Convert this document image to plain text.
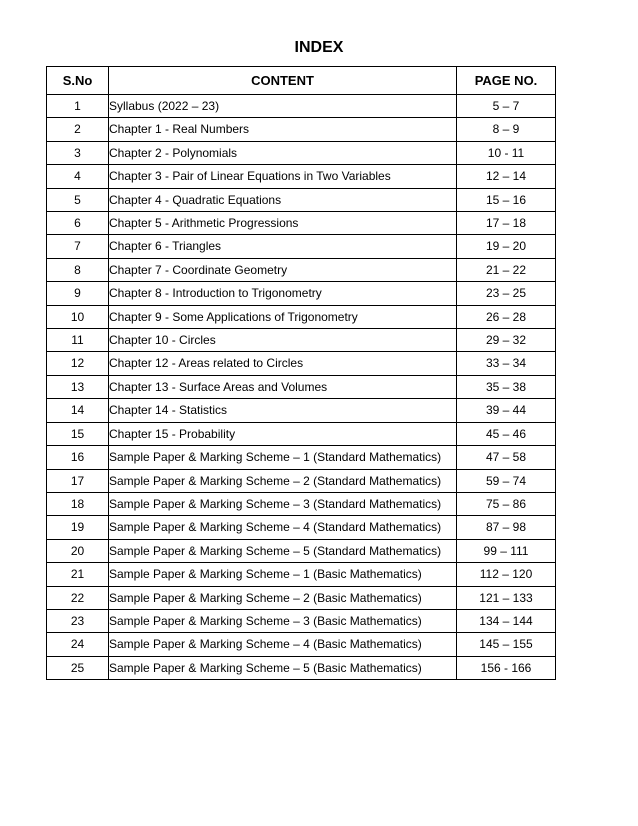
INDEX
S.No	CONTENT	PAGE NO.
1	Syllabus (2022 – 23)	5 – 7
2	Chapter 1 - Real Numbers	8 – 9
3	Chapter 2 - Polynomials	10 - 11
4	Chapter 3 - Pair of Linear Equations in Two Variables	12 – 14
5	Chapter 4 - Quadratic Equations	15 – 16
6	Chapter 5 - Arithmetic Progressions	17 – 18
7	Chapter 6 - Triangles	19 – 20
8	Chapter 7 - Coordinate Geometry	21 – 22
9	Chapter 8 - Introduction to Trigonometry	23 – 25
10	Chapter 9 - Some Applications of Trigonometry	26 – 28
11	Chapter 10 - Circles	29 – 32
12	Chapter 12 - Areas related to Circles	33 – 34
13	Chapter 13 - Surface Areas and Volumes	35 – 38
14	Chapter 14 - Statistics	39 – 44
15	Chapter 15 - Probability	45 – 46
16	Sample Paper & Marking Scheme – 1 (Standard Mathematics)	47 – 58
17	Sample Paper & Marking Scheme – 2 (Standard Mathematics)	59 – 74
18	Sample Paper & Marking Scheme – 3 (Standard Mathematics)	75 – 86
19	Sample Paper & Marking Scheme – 4 (Standard Mathematics)	87 – 98
20	Sample Paper & Marking Scheme – 5 (Standard Mathematics)	99 – 111
21	Sample Paper & Marking Scheme – 1 (Basic Mathematics)	112 – 120
22	Sample Paper & Marking Scheme – 2 (Basic Mathematics)	121 – 133
23	Sample Paper & Marking Scheme – 3 (Basic Mathematics)	134 – 144
24	Sample Paper & Marking Scheme – 4 (Basic Mathematics)	145 – 155
25	Sample Paper & Marking Scheme – 5 (Basic Mathematics)	156 - 166
